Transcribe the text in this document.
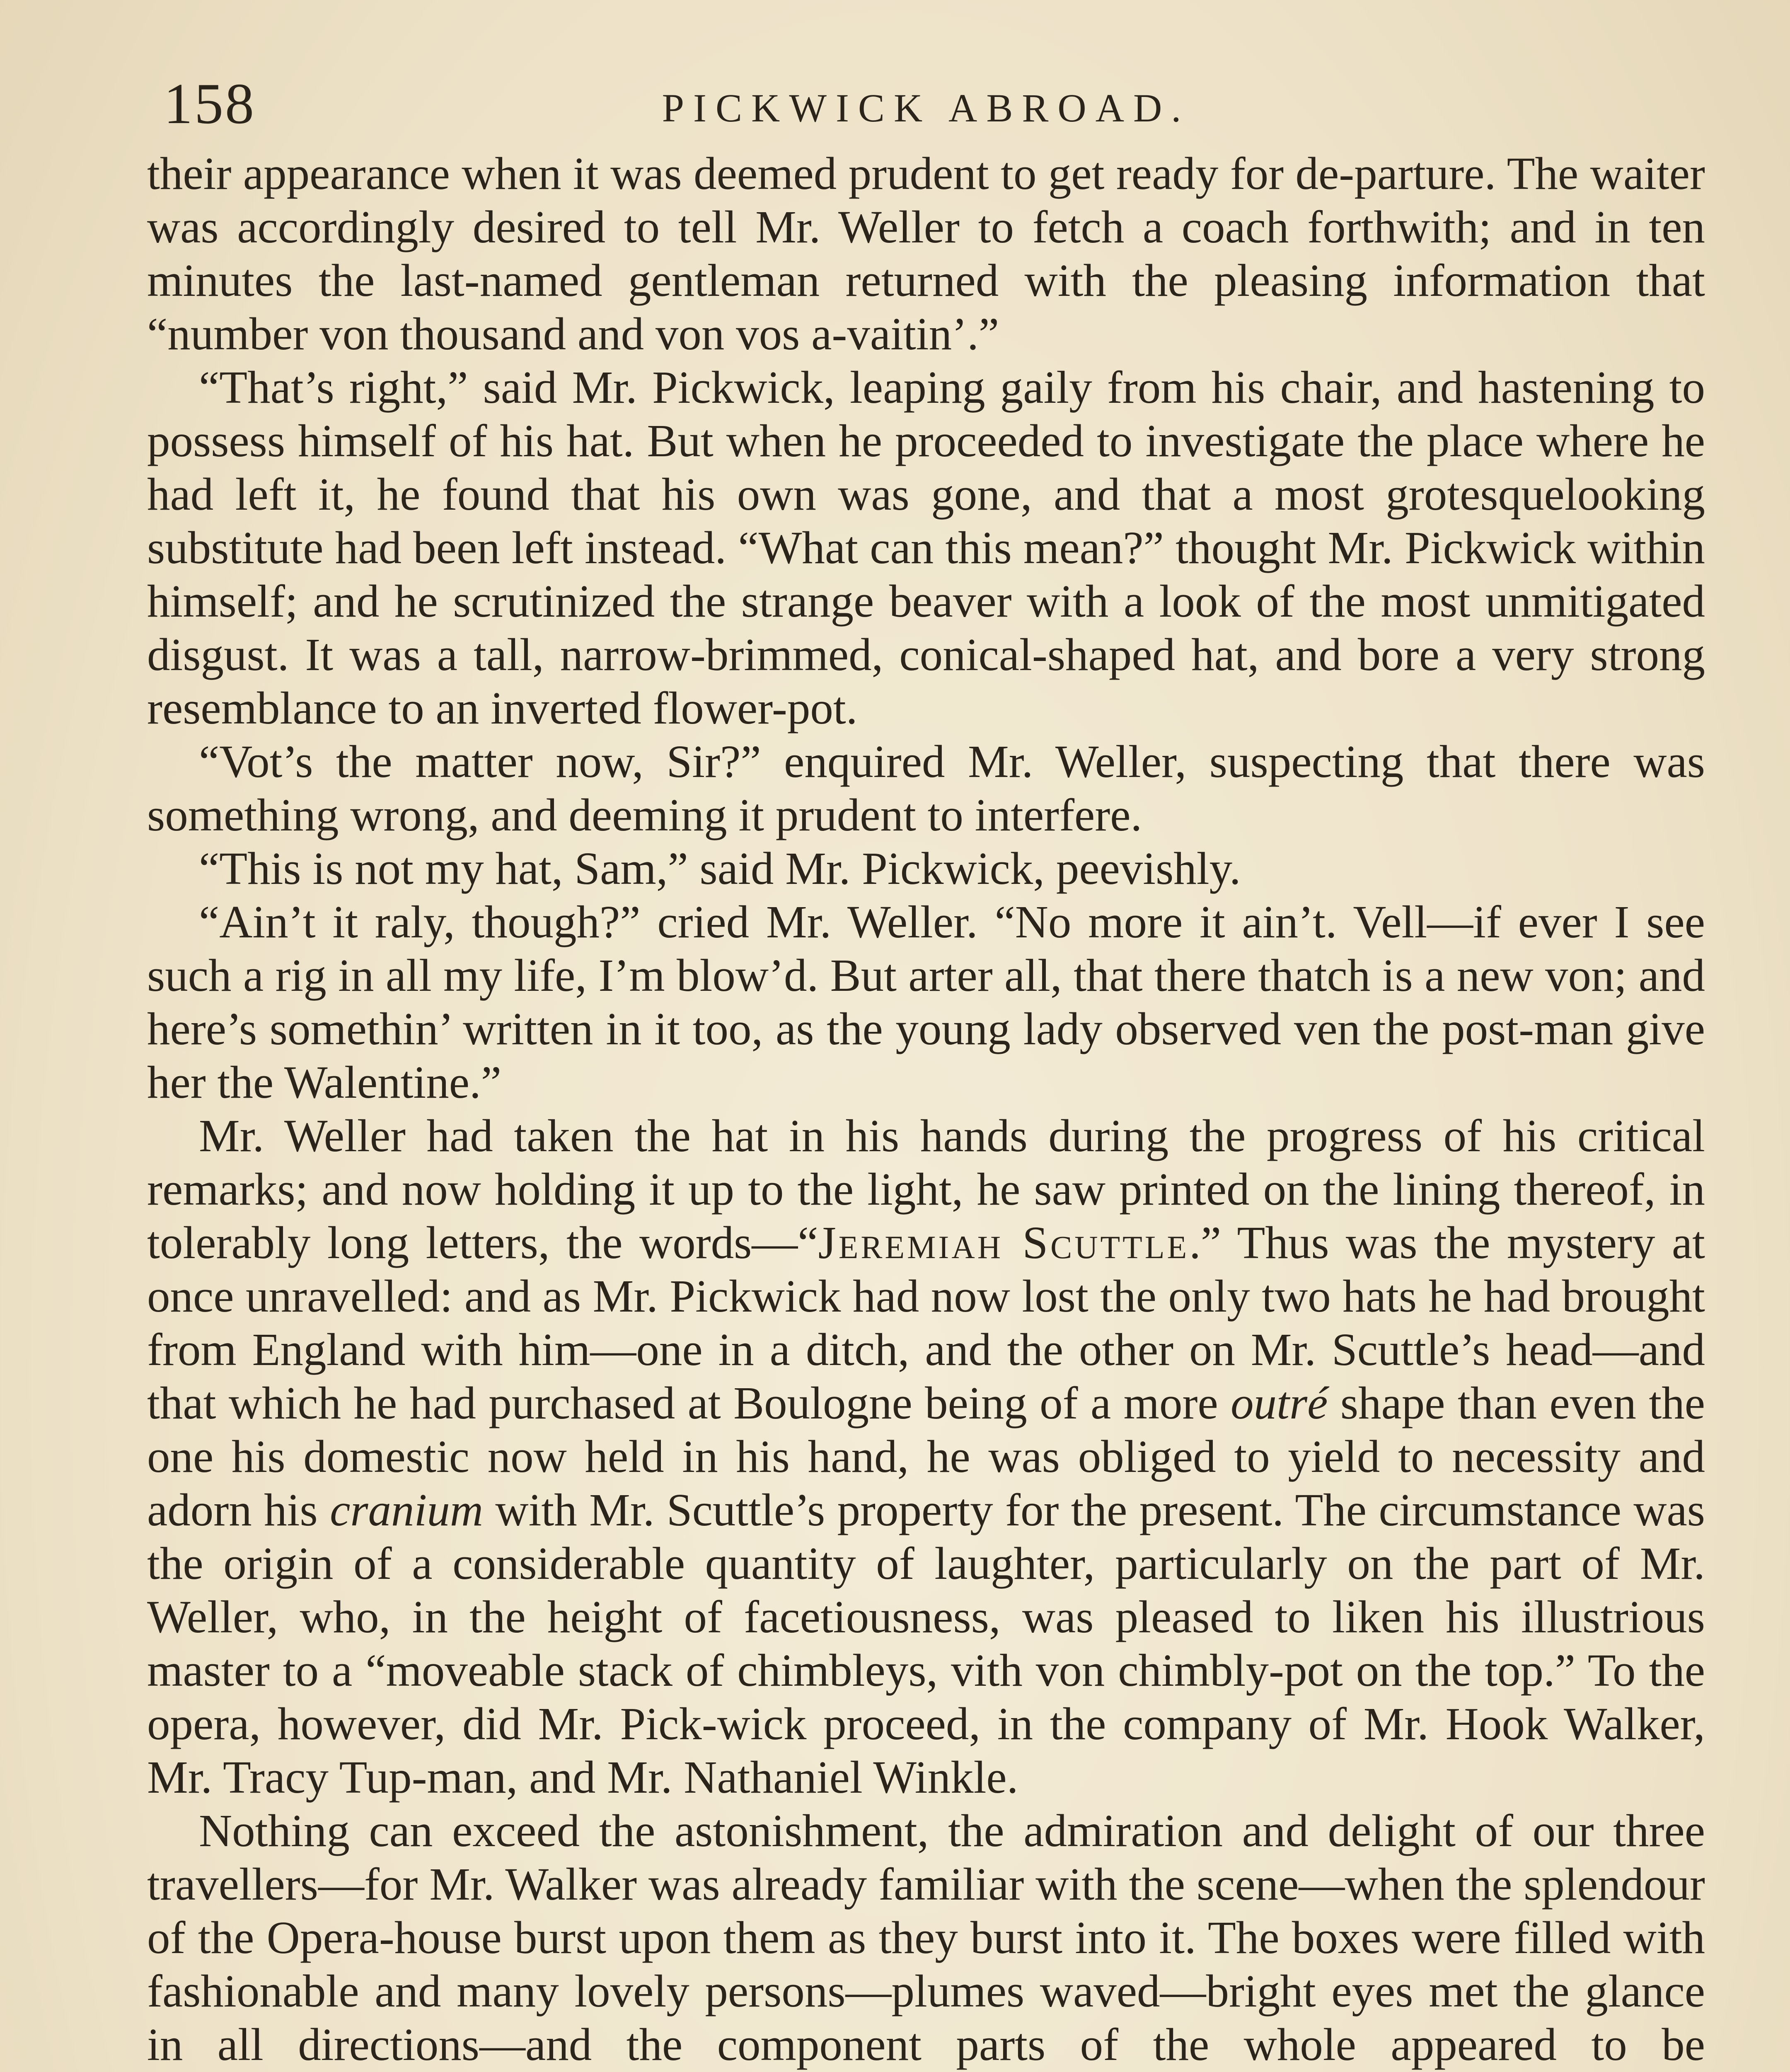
158	PICKWICK ABROAD.

their appearance when it was deemed prudent to get ready for de-parture. The waiter was accordingly desired to tell Mr. Weller to fetch a coach forthwith; and in ten minutes the last-named gentleman returned with the pleasing information that “number von thousand and von vos a-vaitin’.”

“That’s right,” said Mr. Pickwick, leaping gaily from his chair, and hastening to possess himself of his hat. But when he proceeded to investigate the place where he had left it, he found that his own was gone, and that a most grotesquelooking substitute had been left instead. “What can this mean?” thought Mr. Pickwick within himself; and he scrutinized the strange beaver with a look of the most unmitigated disgust. It was a tall, narrow-brimmed, conical-shaped hat, and bore a very strong resemblance to an inverted flower-pot.

“Vot’s the matter now, Sir?” enquired Mr. Weller, suspecting that there was something wrong, and deeming it prudent to interfere.

“This is not my hat, Sam,” said Mr. Pickwick, peevishly.

“Ain’t it raly, though?” cried Mr. Weller. “No more it ain’t. Vell—if ever I see such a rig in all my life, I’m blow’d. But arter all, that there thatch is a new von; and here’s somethin’ written in it too, as the young lady observed ven the post-man give her the Walentine.”

Mr. Weller had taken the hat in his hands during the progress of his critical remarks; and now holding it up to the light, he saw printed on the lining thereof, in tolerably long letters, the words—“Jeremiah Scuttle.” Thus was the mystery at once unravelled: and as Mr. Pickwick had now lost the only two hats he had brought from England with him—one in a ditch, and the other on Mr. Scuttle’s head—and that which he had purchased at Boulogne being of a more outré shape than even the one his domestic now held in his hand, he was obliged to yield to necessity and adorn his cranium with Mr. Scuttle’s property for the present. The circumstance was the origin of a considerable quantity of laughter, particularly on the part of Mr. Weller, who, in the height of facetiousness, was pleased to liken his illustrious master to a “moveable stack of chimbleys, vith von chimbly-pot on the top.” To the opera, however, did Mr. Pick-wick proceed, in the company of Mr. Hook Walker, Mr. Tracy Tup-man, and Mr. Nathaniel Winkle.

Nothing can exceed the astonishment, the admiration and delight of our three travellers—for Mr. Walker was already familiar with the scene—when the splendour of the Opera-house burst upon them as they burst into it. The boxes were filled with fashionable and many lovely persons—plumes waved—bright eyes met the glance in all directions—and the component parts of the whole appeared to be
